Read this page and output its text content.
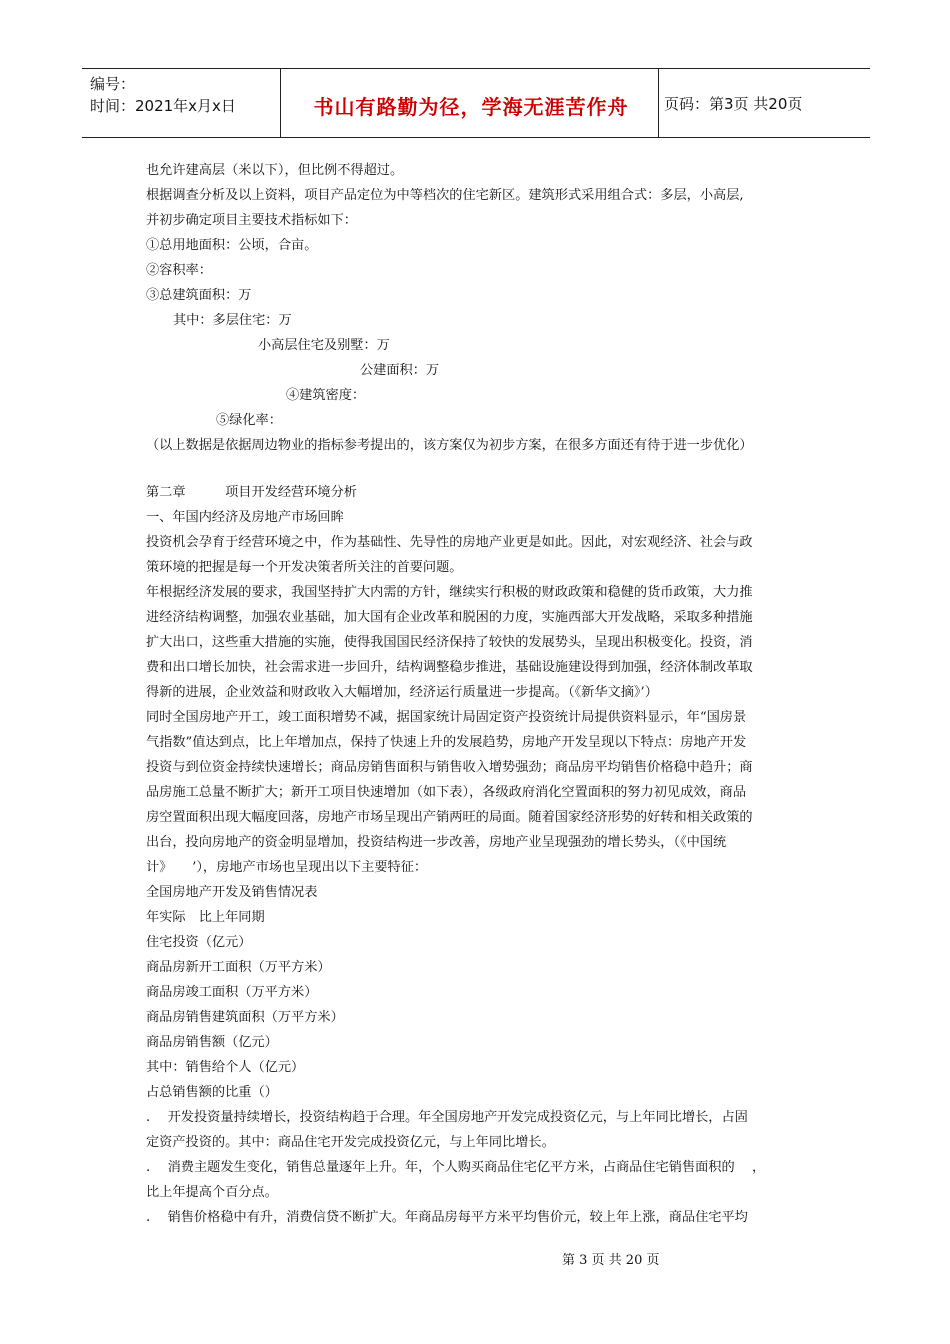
编号：
时间：2021年x月x日	书山有路勤为径，学海无涯苦作舟	页码：第3页 共20页
也允许建高层（米以下），但比例不得超过。
根据调查分析及以上资料，项目产品定位为中等档次的住宅新区。建筑形式采用组合式：多层，小高层,
并初步确定项目主要技术指标如下：
①总用地面积：公顷，合亩。
②容积率：
③总建筑面积：万
其中：多层住宅：万
小高层住宅及别墅：万
公建面积：万
④建筑密度：
⑤绿化率：
（以上数据是依据周边物业的指标参考提出的，该方案仅为初步方案，在很多方面还有待于进一步优化）
第二章　　　项目开发经营环境分析
一、年国内经济及房地产市场回眸
投资机会孕育于经营环境之中，作为基础性、先导性的房地产业更是如此。因此，对宏观经济、社会与政
策环境的把握是每一个开发决策者所关注的首要问题。
年根据经济发展的要求，我国坚持扩大内需的方针，继续实行积极的财政政策和稳健的货币政策，大力推
进经济结构调整，加强农业基础，加大国有企业改革和脱困的力度，实施西部大开发战略，采取多种措施
扩大出口，这些重大措施的实施，使得我国国民经济保持了较快的发展势头，呈现出积极变化。投资，消
费和出口增长加快，社会需求进一步回升，结构调整稳步推进，基础设施建设得到加强，经济体制改革取
得新的进展，企业效益和财政收入大幅增加，经济运行质量进一步提高。（《新华文摘》’）
同时全国房地产开工，竣工面积增势不减，据国家统计局固定资产投资统计局提供资料显示，年“国房景
气指数”值达到点，比上年增加点，保持了快速上升的发展趋势，房地产开发呈现以下特点：房地产开发
投资与到位资金持续快速增长；商品房销售面积与销售收入增势强劲；商品房平均销售价格稳中趋升；商
品房施工总量不断扩大；新开工项目快速增加（如下表），各级政府消化空置面积的努力初见成效，商品
房空置面积出现大幅度回落，房地产市场呈现出产销两旺的局面。随着国家经济形势的好转和相关政策的
出台，投向房地产的资金明显增加，投资结构进一步改善，房地产业呈现强劲的增长势头，（《中国统
计》　　’），房地产市场也呈现出以下主要特征：
全国房地产开发及销售情况表
年实际　比上年同期
住宅投资（亿元）
商品房新开工面积（万平方米）
商品房竣工面积（万平方米）
商品房销售建筑面积（万平方米）
商品房销售额（亿元）
其中：销售给个人（亿元）
占总销售额的比重（）
.　 开发投资量持续增长，投资结构趋于合理。年全国房地产开发完成投资亿元，与上年同比增长，占固
定资产投资的。其中：商品住宅开发完成投资亿元，与上年同比增长。
.　 消费主题发生变化，销售总量逐年上升。年，个人购买商品住宅亿平方米，占商品住宅销售面积的　 ，
比上年提高个百分点。
.　 销售价格稳中有升，消费信贷不断扩大。年商品房每平方米平均售价元，较上年上涨，商品住宅平均
第 3 页 共 20 页
